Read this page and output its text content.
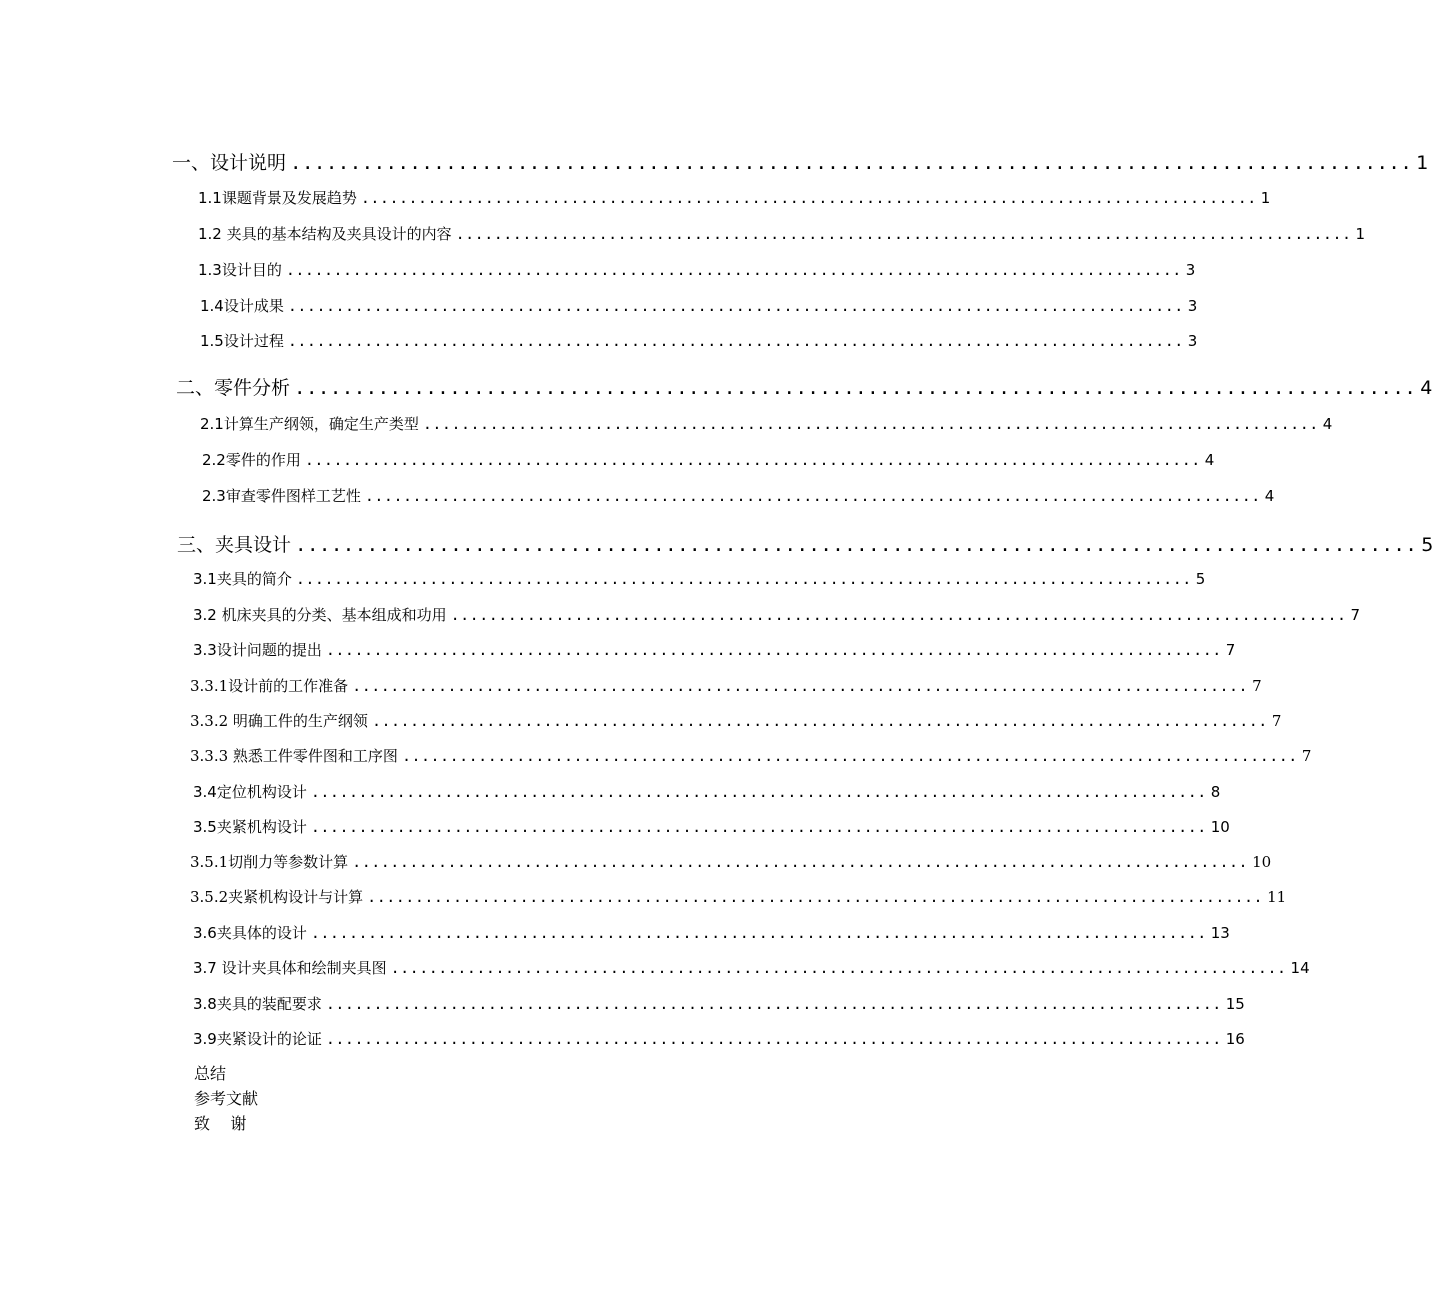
一、设计说明 .............................................................................................. 1
1.1课题背景及发展趋势 .............................................................................................. 1
1.2 夹具的基本结构及夹具设计的内容 .............................................................................................. 1
1.3设计目的 .............................................................................................. 3
1.4设计成果 .............................................................................................. 3
1.5设计过程 .............................................................................................. 3
二、零件分析 .............................................................................................. 4
2.1计算生产纲领，确定生产类型 .............................................................................................. 4
2.2零件的作用 .............................................................................................. 4
2.3审查零件图样工艺性 .............................................................................................. 4
三、夹具设计 .............................................................................................. 5
3.1夹具的简介 .............................................................................................. 5
3.2 机床夹具的分类、基本组成和功用 .............................................................................................. 7
3.3设计问题的提出 .............................................................................................. 7
3.3.1设计前的工作准备 .............................................................................................. 7
3.3.2 明确工件的生产纲领 .............................................................................................. 7
3.3.3 熟悉工件零件图和工序图 .............................................................................................. 7
3.4定位机构设计 .............................................................................................. 8
3.5夹紧机构设计 .............................................................................................. 10
3.5.1切削力等参数计算 .............................................................................................. 10
3.5.2夹紧机构设计与计算 .............................................................................................. 11
3.6夹具体的设计 .............................................................................................. 13
3.7 设计夹具体和绘制夹具图 .............................................................................................. 14
3.8夹具的装配要求 .............................................................................................. 15
3.9夹紧设计的论证 .............................................................................................. 16
总结
参考文献
致    谢
